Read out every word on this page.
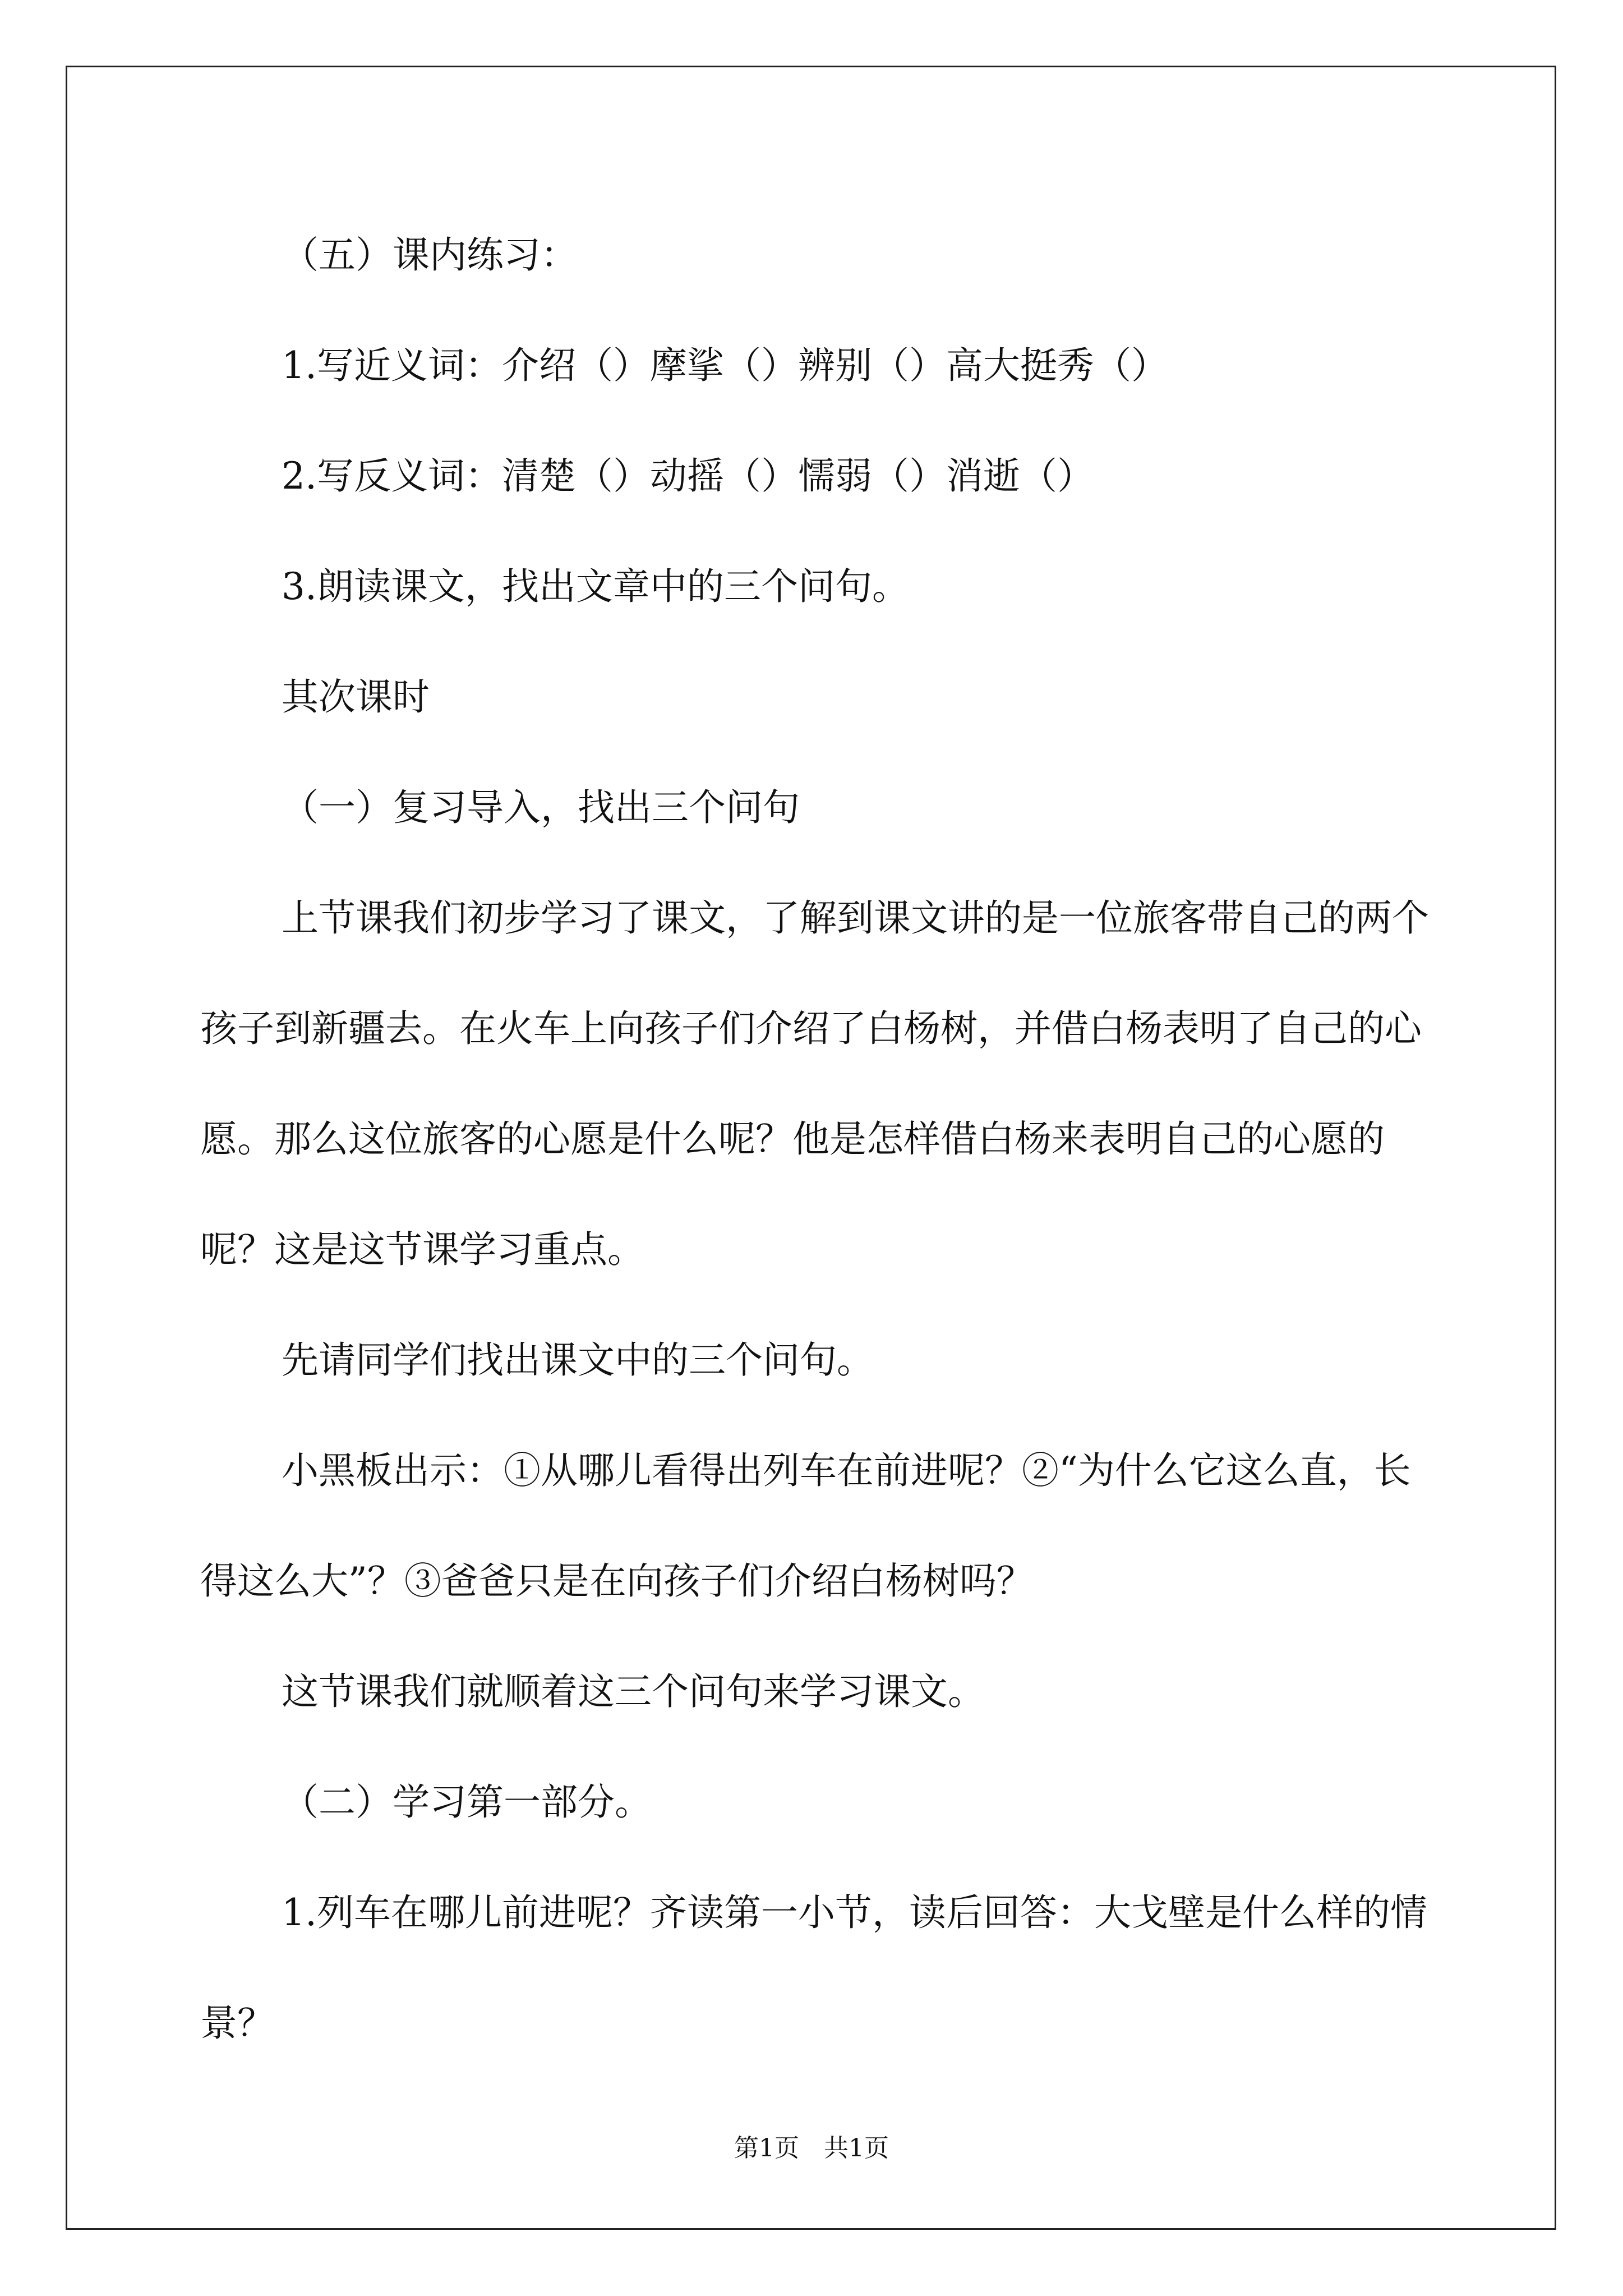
（五）课内练习：

1.写近义词：介绍（）摩挲（）辨别（）高大挺秀（）

2.写反义词：清楚（）动摇（）懦弱（）消逝（）

3.朗读课文，找出文章中的三个问句。

其次课时

（一）复习导入，找出三个问句

上节课我们初步学习了课文，了解到课文讲的是一位旅客带自己的两个孩子到新疆去。在火车上向孩子们介绍了白杨树，并借白杨表明了自己的心愿。那么这位旅客的心愿是什么呢？他是怎样借白杨来表明自己的心愿的呢？这是这节课学习重点。

先请同学们找出课文中的三个问句。

小黑板出示：①从哪儿看得出列车在前进呢？②“为什么它这么直，长得这么大”？③爸爸只是在向孩子们介绍白杨树吗？

这节课我们就顺着这三个问句来学习课文。

（二）学习第一部分。

1.列车在哪儿前进呢？齐读第一小节，读后回答：大戈壁是什么样的情景？

第1页　共1页
